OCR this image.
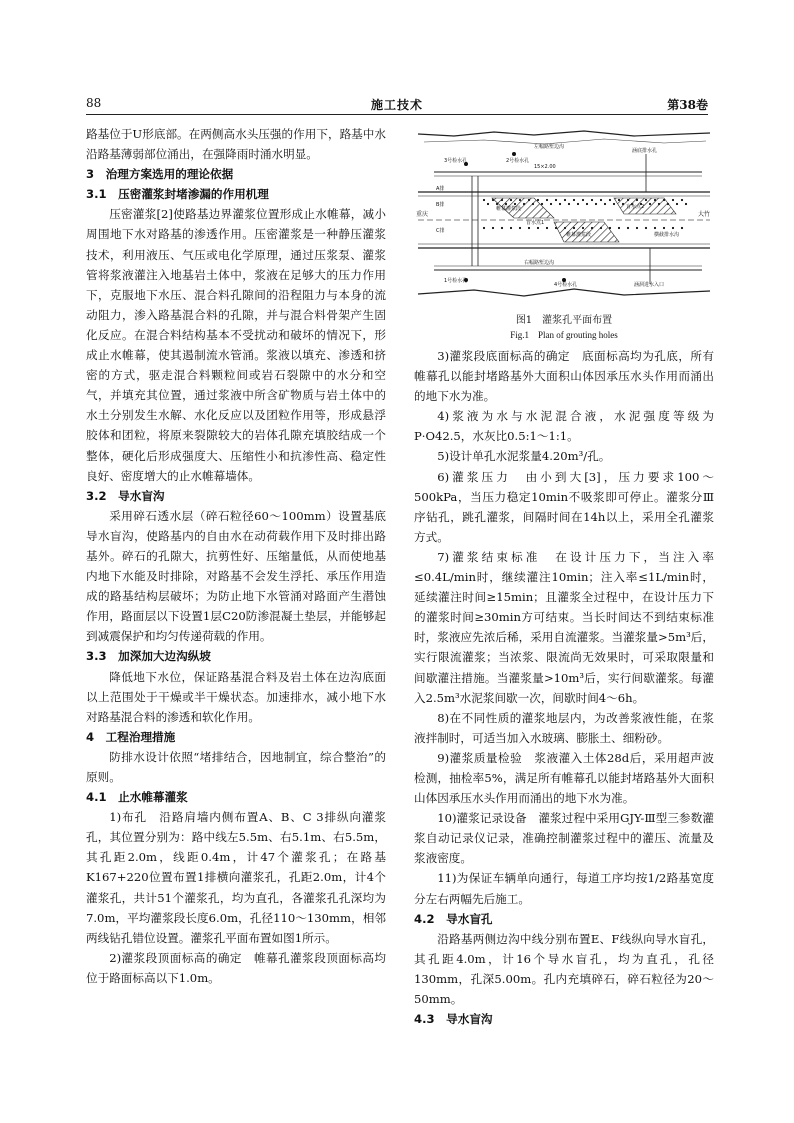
88	施工技术	第38卷

路基位于U形底部。在两侧高水头压强的作用下，路基中水沿路基薄弱部位涌出，在强降雨时涌水明显。

3　治理方案选用的理论依据
3.1　压密灌浆封堵渗漏的作用机理

压密灌浆[2]使路基边界灌浆位置形成止水帷幕，减小周围地下水对路基的渗透作用。压密灌浆是一种静压灌浆技术，利用液压、气压或电化学原理，通过压浆泵、灌浆管将浆液灌注入地基岩土体中，浆液在足够大的压力作用下，克服地下水压、混合料孔隙间的沿程阻力与本身的流动阻力，渗入路基混合料的孔隙，并与混合料骨架产生固化反应。在混合料结构基本不受扰动和破坏的情况下，形成止水帷幕，使其遏制流水管涌。浆液以填充、渗透和挤密的方式，驱走混合料颗粒间或岩石裂隙中的水分和空气，并填充其位置，通过浆液中所含矿物质与岩土体中的水土分别发生水解、水化反应以及团粒作用等，形成悬浮胶体和团粒，将原来裂隙较大的岩体孔隙充填胶结成一个整体，硬化后形成强度大、压缩性小和抗渗性高、稳定性良好、密度增大的止水帷幕墙体。

3.2　导水盲沟

采用碎石透水层（碎石粒径60～100mm）设置基底导水盲沟，使路基内的自由水在动荷载作用下及时排出路基外。碎石的孔隙大，抗剪性好、压缩量低，从而使地基内地下水能及时排除，对路基不会发生浮托、承压作用造成的路基结构层破坏；为防止地下水管涌对路面产生潜蚀作用，路面层以下设置1层C20防渗混凝土垫层，并能够起到减震保护和均匀传递荷载的作用。

3.3　加深加大边沟纵坡

降低地下水位，保证路基混合料及岩土体在边沟底面以上范围处于干燥或半干燥状态。加速排水，减小地下水对路基混合料的渗透和软化作用。

4　工程治理措施

防排水设计依照“堵排结合，因地制宜，综合整治”的原则。

4.1　止水帷幕灌浆

1)布孔　沿路肩墙内侧布置A、B、C 3排纵向灌浆孔，其位置分别为：路中线左5.5m、右5.1m、右5.5m，其孔距2.0m，线距0.4m，计47个灌浆孔；在路基K167+220位置布置1排横向灌浆孔，孔距2.0m，计4个灌浆孔，共计51个灌浆孔，均为直孔，各灌浆孔孔深均为7.0m，平均灌浆段长度6.0m，孔径110～130mm，相邻两线钻孔错位设置。灌浆孔平面布置如图1所示。

2)灌浆段顶面标高的确定　帷幕孔灌浆段顶面标高均位于路面标高以下1.0m。

左幅路堑边沟
3号检水孔	2号检水孔
15×2.00
涵底排水孔
A排
B排
C排
帷幕灌浆段
帷幕灌浆段
盲水点1
盲水点2
1号检水孔
4号检水孔
右幅路堑边沟
涵洞进水入口
横截排水沟
重庆	大竹
图1　灌浆孔平面布置
Fig.1　Plan of grouting holes

3)灌浆段底面标高的确定　底面标高均为孔底，所有帷幕孔以能封堵路基外大面积山体因承压水头作用而涌出的地下水为准。

4)浆液为水与水泥混合液，水泥强度等级为P·O42.5，水灰比0.5:1～1:1。

5)设计单孔水泥浆量4.20m³/孔。

6)灌浆压力　由小到大[3]，压力要求100～500kPa，当压力稳定10min不吸浆即可停止。灌浆分Ⅲ序钻孔，跳孔灌浆，间隔时间在14h以上，采用全孔灌浆方式。

7)灌浆结束标准　在设计压力下，当注入率≤0.4L/min时，继续灌注10min；注入率≤1L/min时，延续灌注时间≥15min；且灌浆全过程中，在设计压力下的灌浆时间≥30min方可结束。当长时间达不到结束标准时，浆液应先浓后稀，采用自流灌浆。当灌浆量>5m³后，实行限流灌浆；当浓浆、限流尚无效果时，可采取限量和间歇灌注措施。当灌浆量>10m³后，实行间歇灌浆。每灌入2.5m³水泥浆间歇一次，间歇时间4～6h。

8)在不同性质的灌浆地层内，为改善浆液性能，在浆液拌制时，可适当加入水玻璃、膨胀土、细粉砂。

9)灌浆质量检验　浆液灌入土体28d后，采用超声波检测，抽检率5%，满足所有帷幕孔以能封堵路基外大面积山体因承压水头作用而涌出的地下水为准。

10)灌浆记录设备　灌浆过程中采用GJY-Ⅲ型三参数灌浆自动记录仪记录，准确控制灌浆过程中的灌压、流量及浆液密度。

11)为保证车辆单向通行，每道工序均按1/2路基宽度分左右两幅先后施工。

4.2　导水盲孔

沿路基两侧边沟中线分别布置E、F线纵向导水盲孔，其孔距4.0m，计16个导水盲孔，均为直孔，孔径130mm，孔深5.00m。孔内充填碎石，碎石粒径为20～50mm。

4.3　导水盲沟
